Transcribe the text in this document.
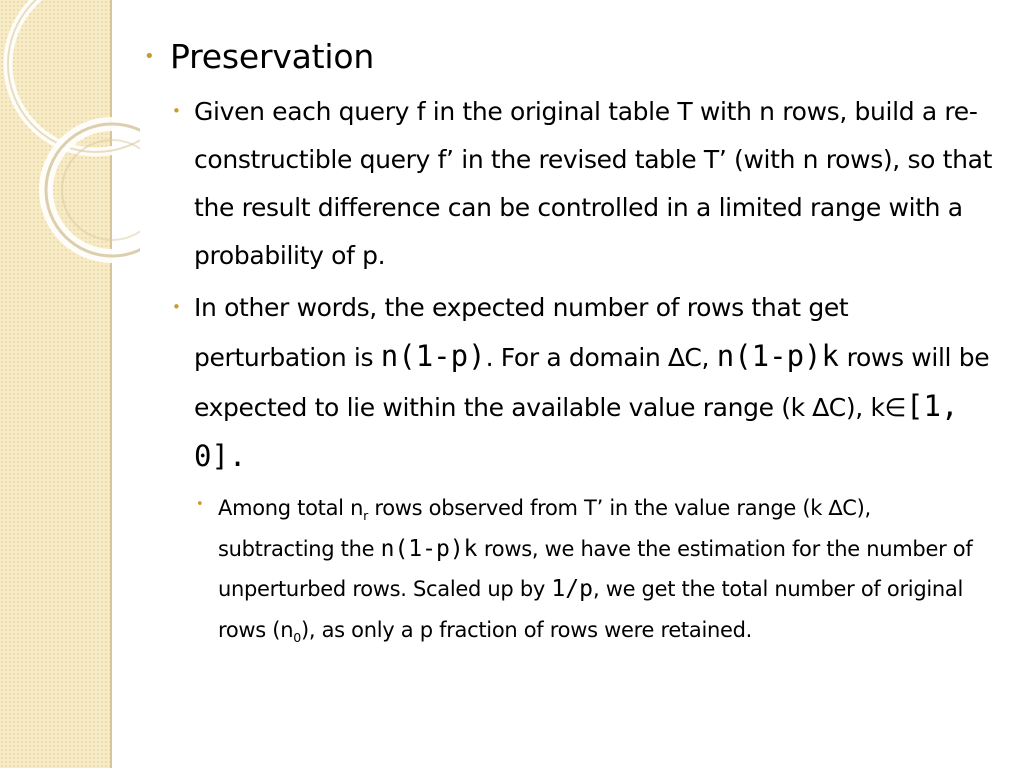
• Preservation
• Given each query f in the original table T with n rows, build a re-constructible query f’ in the revised table T’ (with n rows), so that the result difference can be controlled in a limited range with a probability of p.
• In other words, the expected number of rows that get perturbation is n(1-p). For a domain ∆C, n(1-p)k rows will be expected to lie within the available value range (k ∆C), k∈[1, 0].
• Among total $n_r$ rows observed from T’ in the value range (k ∆C), subtracting the n(1-p)k rows, we have the estimation for the number of unperturbed rows. Scaled up by 1/p, we get the total number of original rows $(n_0)$, as only a p fraction of rows were retained.
